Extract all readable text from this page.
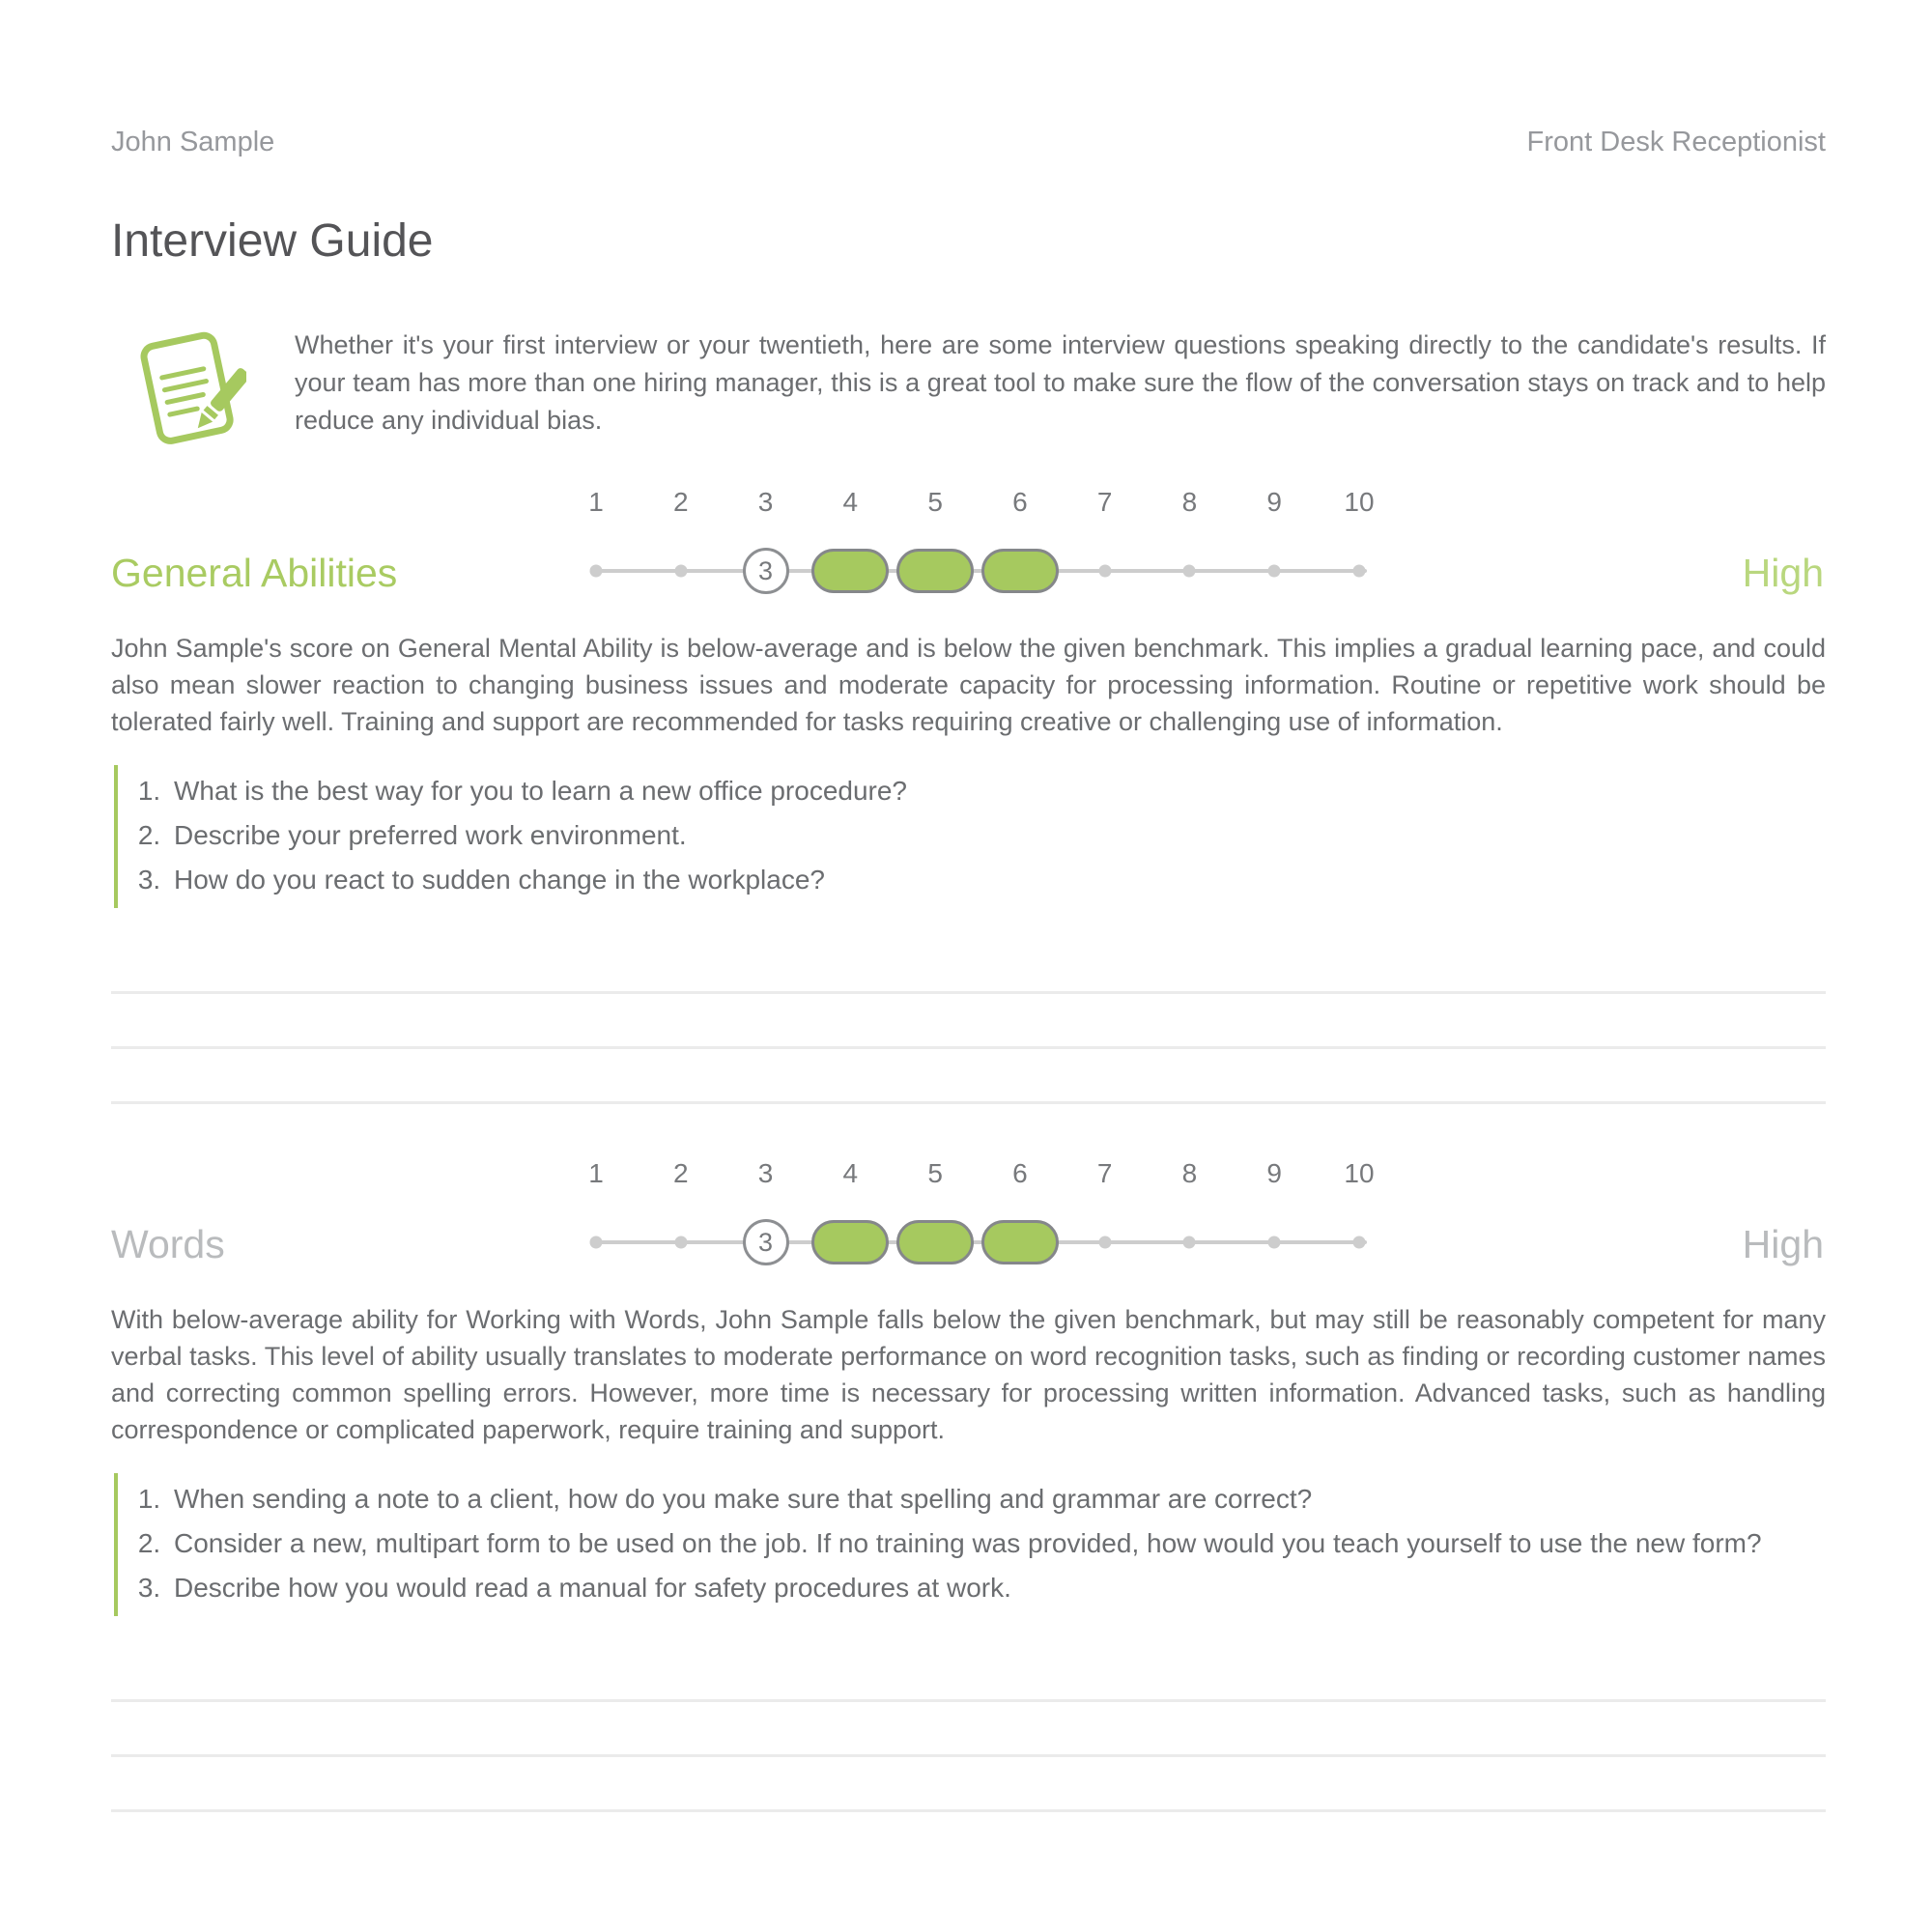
John Sample	Front Desk Receptionist
Interview Guide

Whether it's your first interview or your twentieth, here are some interview questions speaking directly to the candidate's results. If your team has more than one hiring manager, this is a great tool to make sure the flow of the conversation stays on track and to help reduce any individual bias.

General Abilities
1	2	3	4	5	6	7	8	9 10
3	High

John Sample's score on General Mental Ability is below-average and is below the given benchmark. This implies a gradual learning pace, and could also mean slower reaction to changing business issues and moderate capacity for processing information. Routine or repetitive work should be tolerated fairly well. Training and support are recommended for tasks requiring creative or challenging use of information.

1. What is the best way for you to learn a new office procedure?
2. Describe your preferred work environment.
3. How do you react to sudden change in the workplace?
Words
1	2	3	4	5	6	7	8	9 10
3	High

With below-average ability for Working with Words, John Sample falls below the given benchmark, but may still be reasonably competent for many verbal tasks. This level of ability usually translates to moderate performance on word recognition tasks, such as finding or recording customer names and correcting common spelling errors. However, more time is necessary for processing written information. Advanced tasks, such as handling correspondence or complicated paperwork, require training and support.

1. When sending a note to a client, how do you make sure that spelling and grammar are correct?
2. Consider a new, multipart form to be used on the job. If no training was provided, how would you teach yourself to use the new form?
3. Describe how you would read a manual for safety procedures at work.
